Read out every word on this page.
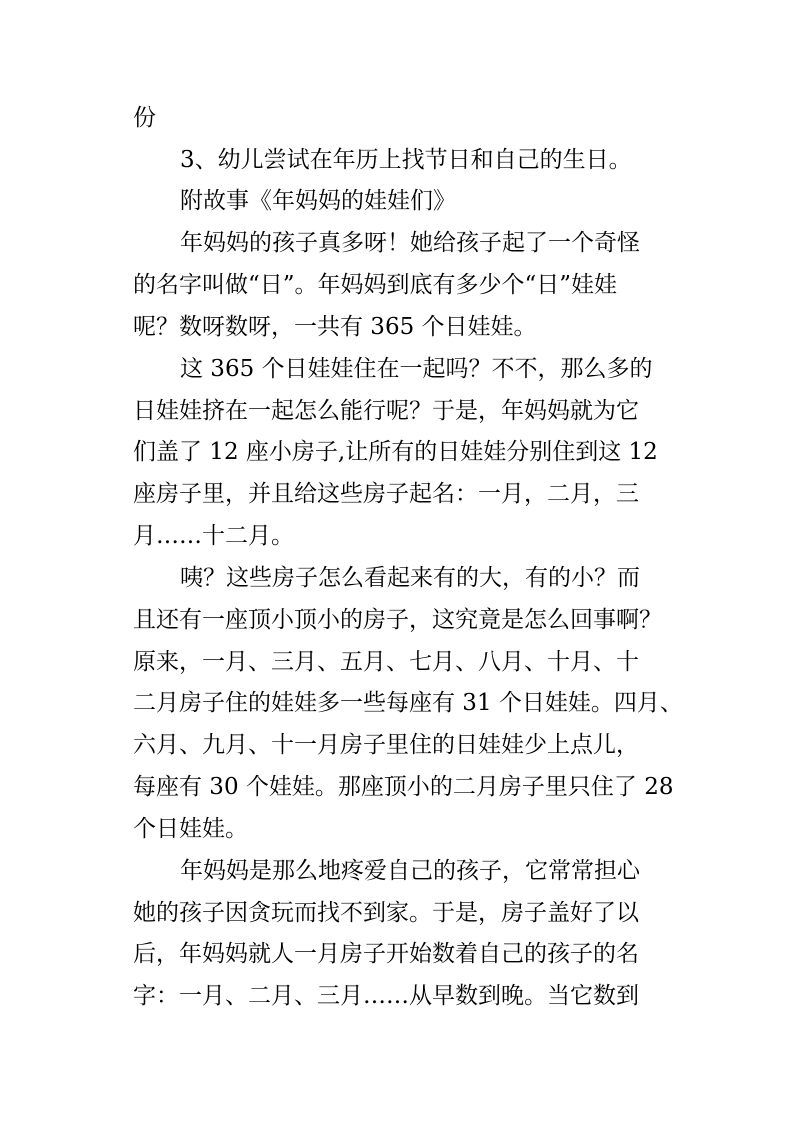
份
3、幼儿尝试在年历上找节日和自己的生日。
附故事《年妈妈的娃娃们》
年妈妈的孩子真多呀！她给孩子起了一个奇怪
的名字叫做“日”。年妈妈到底有多少个“日”娃娃
呢？数呀数呀，一共有 365 个日娃娃。
这 365 个日娃娃住在一起吗？不不，那么多的
日娃娃挤在一起怎么能行呢？于是，年妈妈就为它
们盖了 12 座小房子,让所有的日娃娃分别住到这 12
座房子里，并且给这些房子起名：一月，二月，三
月……十二月。
咦？这些房子怎么看起来有的大，有的小？而
且还有一座顶小顶小的房子，这究竟是怎么回事啊？
原来，一月、三月、五月、七月、八月、十月、十
二月房子住的娃娃多一些每座有 31 个日娃娃。四月、
六月、九月、十一月房子里住的日娃娃少上点儿，
每座有 30 个娃娃。那座顶小的二月房子里只住了 28
个日娃娃。
年妈妈是那么地疼爱自己的孩子，它常常担心
她的孩子因贪玩而找不到家。于是，房子盖好了以
后，年妈妈就人一月房子开始数着自己的孩子的名
字：一月、二月、三月……从早数到晚。当它数到
